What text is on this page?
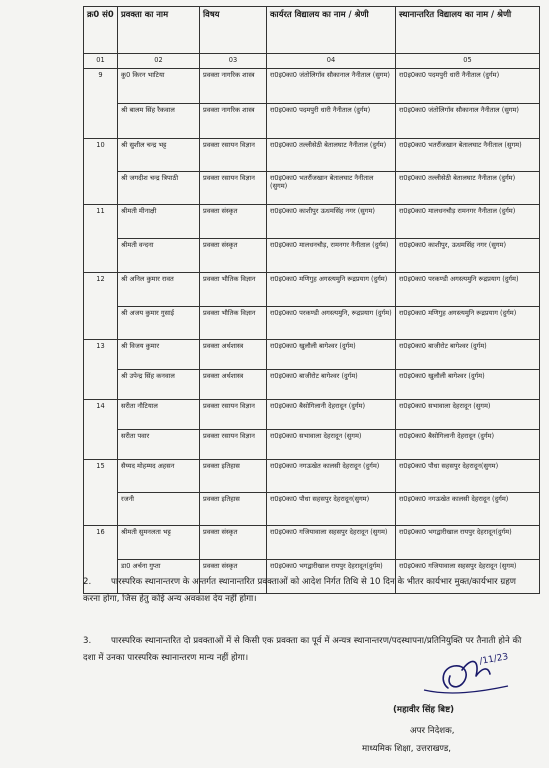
क्र0 सं0	प्रवक्ता का नाम	विषय	कार्यरत विद्यालय का नाम / श्रेणी	स्थानान्तरित विद्यालय का नाम / श्रेणी
01	02	03	04	05
9	कु0 किरन भाटिया	प्रवक्ता नागरिक शास्त्र	रा0इ0का0 जंतोलिगॉव सौकानाल नैनीताल (सुगम)	रा0इ0का0 पदमपुरी धारी नैनीताल (दुर्गम)
	श्री बालम सिंह रैकवाल	प्रवक्ता नागरिक शास्त्र	रा0इ0का0 पदमपुरी धारी नैनीताल (दुर्गम)	रा0इ0का0 जंतोलिगॉव सौकानाल नैनीताल (सुगम)
10	श्री सुशील चन्द्र भट्ट	प्रवक्ता रसायन विज्ञान	रा0इ0का0 तल्लीसेठी बेतालघाट नैनीताल (दुर्गम)	रा0इ0का0 भतरौंजखान बेतालघाट नैनीताल (सुगम)
	श्री जगदीश चन्द्र त्रिपाठी	प्रवक्ता रसायन विज्ञान	रा0इ0का0 भतरौंजखान बेतालघाट नैनीताल (सुगम)	रा0इ0का0 तल्लीसेठी बेतालघाट नैनीताल (दुर्गम)
11	श्रीमती मीनाक्षी	प्रवक्ता संस्कृत	रा0इ0का0 काशीपुर ऊधमसिंह नगर (सुगम)	रा0इ0का0 मालधनचौड़ रामनगर नैनीताल (दुर्गम)
	श्रीमती वन्दना	प्रवक्ता संस्कृत	रा0इ0का0 मालधनचौड़, रामनगर नैनीताल (दुर्गम)	रा0इ0का0 काशीपुर, ऊधमसिंह नगर (सुगम)
12	श्री अनिल कुमार रावत	प्रवक्ता भौतिक विज्ञान	रा0इ0का0 मणिगुह अगस्त्यमुनि रूद्रप्रयाग (दुर्गम)	रा0इ0का0 परकण्डी अगस्त्यमुनि रूद्रप्रयाग (दुर्गम)
	श्री अजय कुमार गुसाई	प्रवक्ता भौतिक विज्ञान	रा0इ0का0 परकण्डी अगस्त्यमुनि, रूद्रप्रयाग (दुर्गम)	रा0इ0का0 मणिगुह अगस्त्यमुनि रूद्रप्रयाग (दुर्गम)
13	श्री विजय कुमार	प्रवक्ता अर्थशास्त्र	रा0इ0का0 खुलौली बागेश्वर (दुर्गम)	रा0इ0का0 बाजीरोट बागेश्वर (दुर्गम)
	श्री उपेन्द्र सिंह कनवाल	प्रवक्ता अर्थशास्त्र	रा0इ0का0 बाजीरोट बागेश्वर (दुर्गम)	रा0इ0का0 खुलौली बागेश्वर (दुर्गम)
14	सरीता नौटियाल	प्रवक्ता रसायन विज्ञान	रा0इ0का0 बैसोगिलानी देहरादून (दुर्गम)	रा0इ0का0 सभावाला देहरादून (सुगम)
	सरीता पवार	प्रवक्ता रसायन विज्ञान	रा0इ0का0 सभावाला देहरादून (सुगम)	रा0इ0का0 बैसोगिलानी देहरादून (दुर्गम)
15	सैय्यद मोहम्मद अहसन	प्रवक्ता इतिहास	रा0इ0का0 नगऊखेत कालसी देहरादून (दुर्गम)	रा0इ0का0 पौधा सहसपुर देहरादून(सुगम)
	रजनी	प्रवक्ता इतिहास	रा0इ0का0 पौधा सहसपुर देहरादून(सुगम)	रा0इ0का0 नगऊखेत कालसी देहरादून (दुर्गम)
16	श्रीमती सुमनलता भट्ट	प्रवक्ता संस्कृत	रा0इ0का0 गजियावाला सहसपुर देहरादून (सुगम)	रा0इ0का0 भगद्वारीखाल रायपुर देहरादून(दुर्गम)
	डा0 अर्चना गुप्ता	प्रवक्ता संस्कृत	रा0इ0का0 भगद्वारीखाल रायपुर देहरादून(दुर्गम)	रा0इ0का0 गजियावाला सहसपुर देहरादून (सुगम)
2. पारस्परिक स्थानान्तरण के अन्तर्गत स्थानान्तरित प्रवक्ताओं को आदेश निर्गत तिथि से 10 दिन के भीतर कार्यभार मुक्त/कार्यभार ग्रहण करना होगा, जिस हेतु कोई अन्य अवकाश देय नहीं होगा।
3. पारस्परिक स्थानान्तरित दो प्रवक्ताओं में से किसी एक प्रवक्ता का पूर्व में अन्यत्र स्थानान्तरण/पदस्थापना/प्रतिनियुक्ति पर तैनाती होने की दशा में उनका पारस्परिक स्थानान्तरण मान्य नहीं होगा।	/11/23
(महावीर सिंह बिष्ट)
अपर निदेशक,
माध्यमिक शिक्षा, उत्तराखण्ड,
